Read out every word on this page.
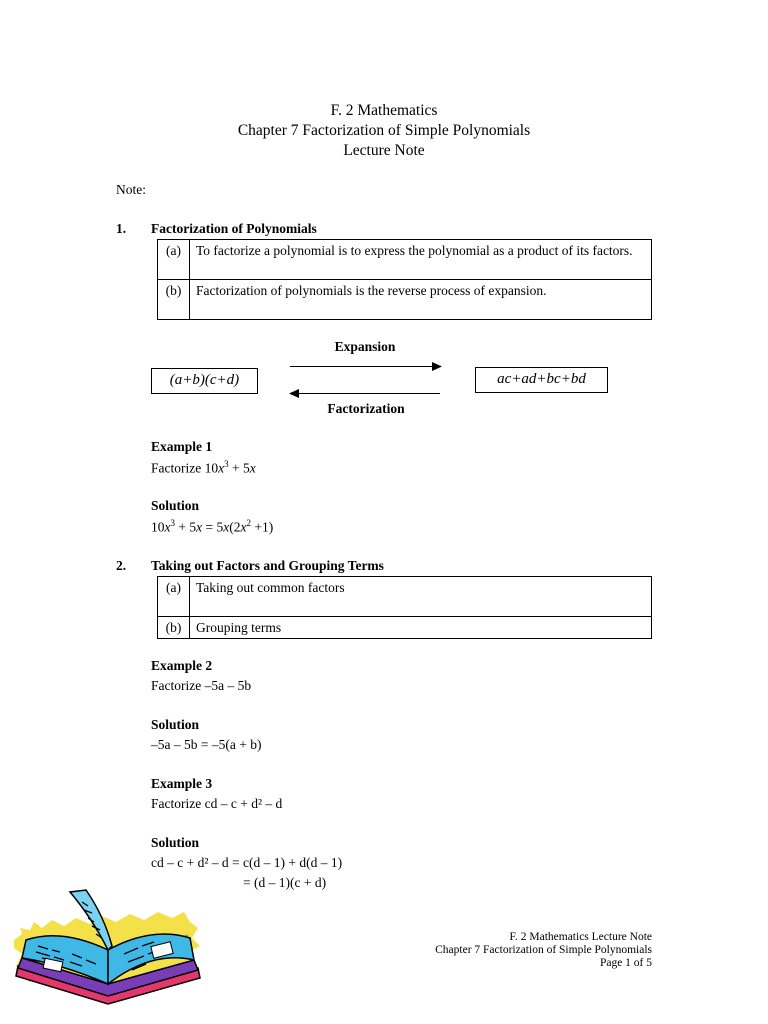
F. 2 Mathematics
Chapter 7 Factorization of Simple Polynomials
Lecture Note
Note:
1. Factorization of Polynomials
(a)	To factorize a polynomial is to express the polynomial as a product of its factors.
(b)	Factorization of polynomials is the reverse process of expansion.
Expansion
(a+b)(c+d)	ac+ad+bc+bd
Factorization
Example 1
Factorize $10x^3 + 5x$
Solution
$10x^3 + 5x = 5x(2x^2 +1)$
2. Taking out Factors and Grouping Terms
(a)	Taking out common factors
(b)	Grouping terms
Example 2
Factorize –5a – 5b
Solution
–5a – 5b = –5(a + b)
Example 3
Factorize cd – c + d² – d
Solution
cd – c + d² – d = c(d – 1) + d(d – 1)
= (d – 1)(c + d)
F. 2 Mathematics Lecture Note
Chapter 7 Factorization of Simple Polynomials
Page 1 of 5
